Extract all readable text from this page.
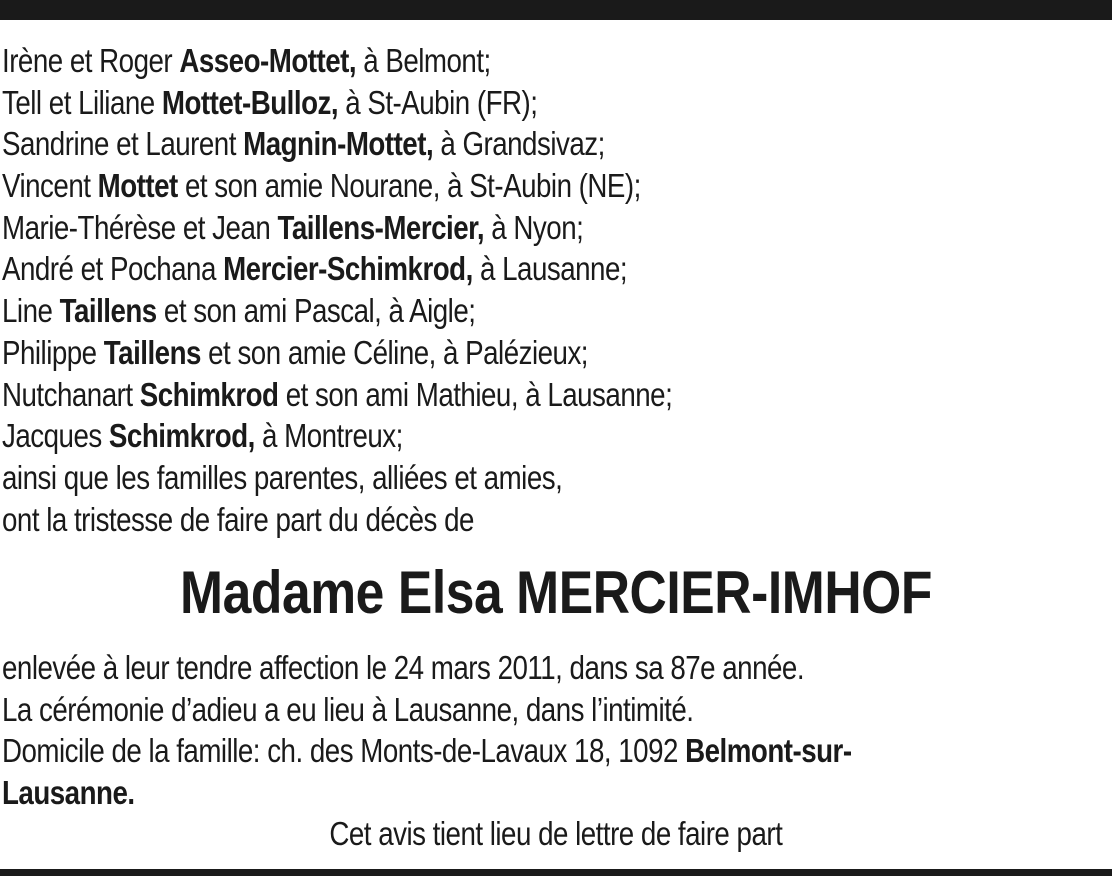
Irène et Roger Asseo-Mottet, à Belmont;
Tell et Liliane Mottet-Bulloz, à St-Aubin (FR);
Sandrine et Laurent Magnin-Mottet, à Grandsivaz;
Vincent Mottet et son amie Nourane, à St-Aubin (NE);
Marie-Thérèse et Jean Taillens-Mercier, à Nyon;
André et Pochana Mercier-Schimkrod, à Lausanne;
Line Taillens et son ami Pascal, à Aigle;
Philippe Taillens et son amie Céline, à Palézieux;
Nutchanart Schimkrod et son ami Mathieu, à Lausanne;
Jacques Schimkrod, à Montreux;
ainsi que les familles parentes, alliées et amies,
ont la tristesse de faire part du décès de
Madame Elsa MERCIER-IMHOF
enlevée à leur tendre affection le 24 mars 2011, dans sa 87e année.
La cérémonie d’adieu a eu lieu à Lausanne, dans l’intimité.
Domicile de la famille: ch. des Monts-de-Lavaux 18, 1092 Belmont-sur-
Lausanne.
Cet avis tient lieu de lettre de faire part
